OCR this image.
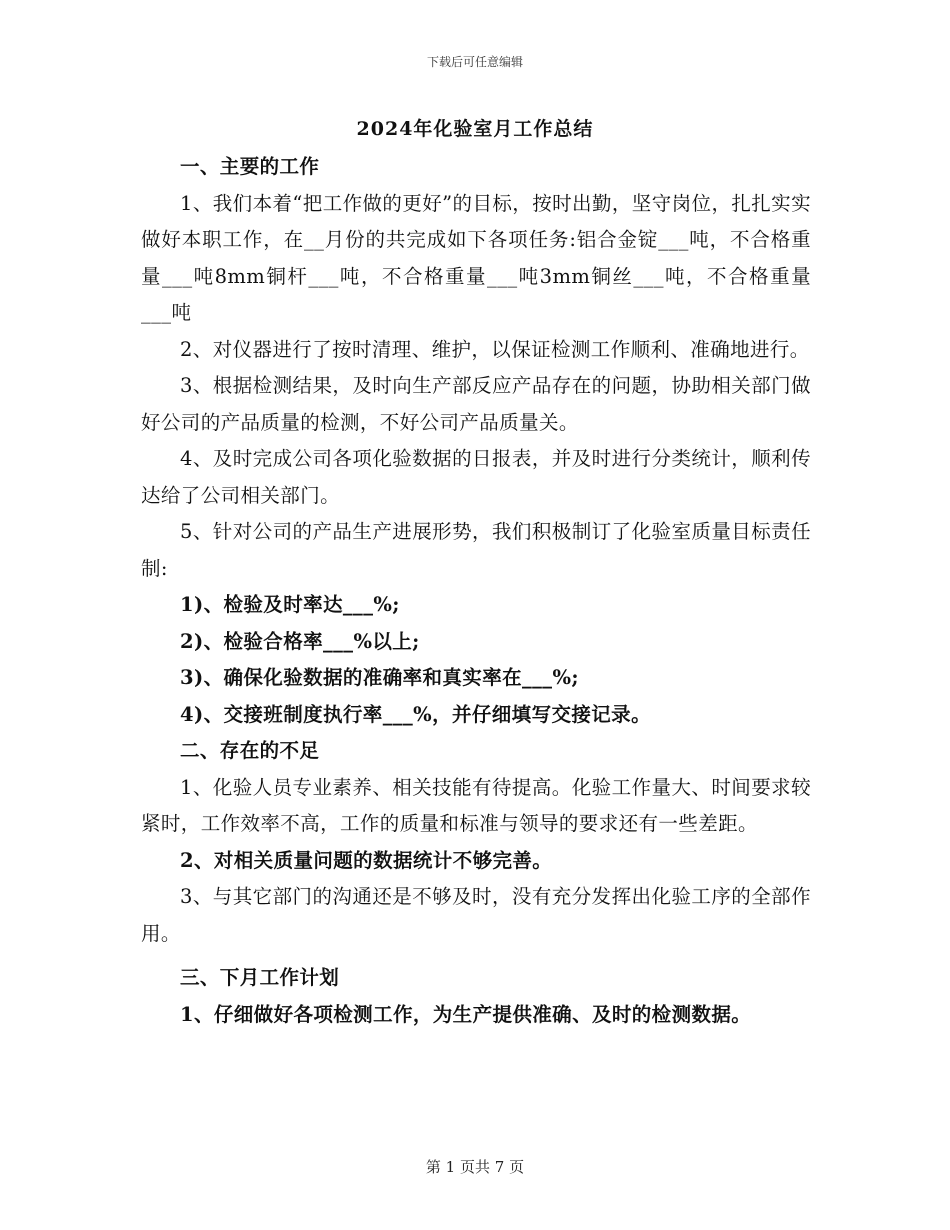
下载后可任意编辑
2024年化验室月工作总结

一、主要的工作

1、我们本着“把工作做的更好”的目标，按时出勤，坚守岗位，扎扎实实做好本职工作，在__月份的共完成如下各项任务:铝合金锭___吨，不合格重量___吨8mm铜杆___吨，不合格重量___吨3mm铜丝___吨，不合格重量___吨

2、对仪器进行了按时清理、维护，以保证检测工作顺利、准确地进行。

3、根据检测结果，及时向生产部反应产品存在的问题，协助相关部门做好公司的产品质量的检测，不好公司产品质量关。

4、及时完成公司各项化验数据的日报表，并及时进行分类统计，顺利传达给了公司相关部门。

5、针对公司的产品生产进展形势，我们积极制订了化验室质量目标责任制:

1)、检验及时率达___%;

2)、检验合格率___%以上;

3)、确保化验数据的准确率和真实率在___%;

4)、交接班制度执行率___%，并仔细填写交接记录。

二、存在的不足

1、化验人员专业素养、相关技能有待提高。化验工作量大、时间要求较紧时，工作效率不高，工作的质量和标准与领导的要求还有一些差距。

2、对相关质量问题的数据统计不够完善。

3、与其它部门的沟通还是不够及时，没有充分发挥出化验工序的全部作用。

三、下月工作计划

1、仔细做好各项检测工作，为生产提供准确、及时的检测数据。

第 1 页共 7 页
